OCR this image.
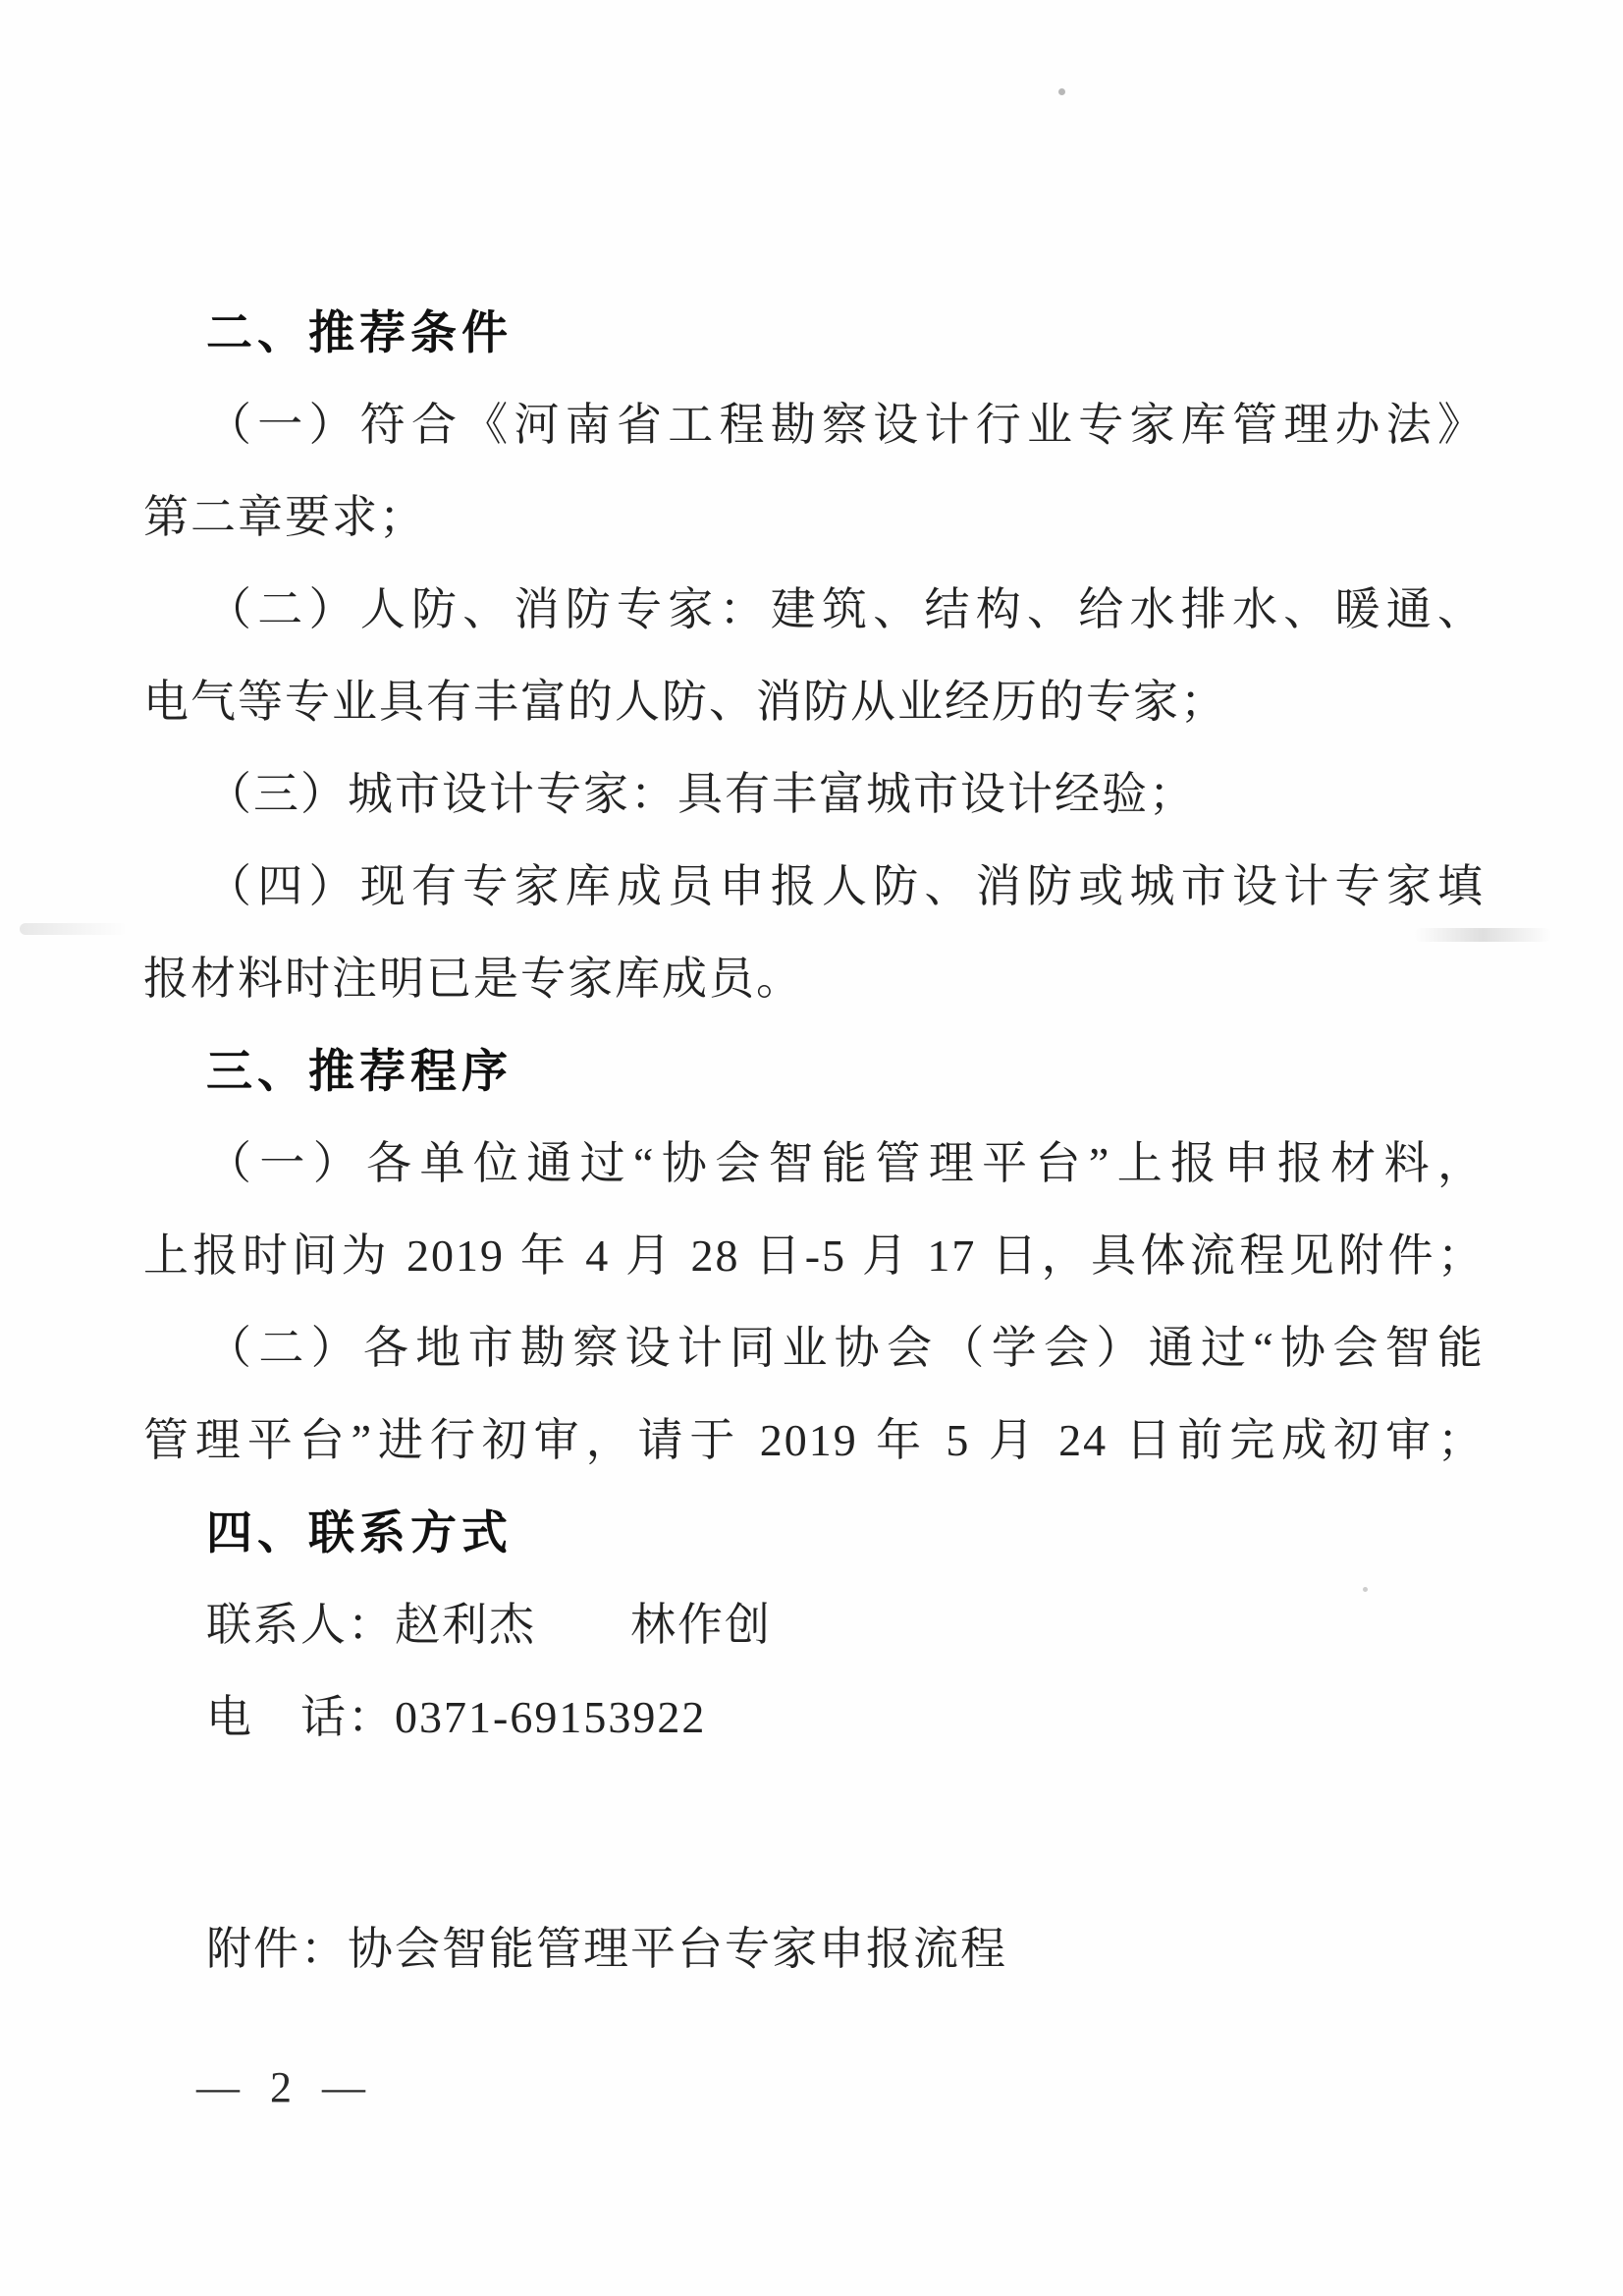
二、推荐条件
（一）符合《河南省工程勘察设计行业专家库管理办法》
第二章要求；
（二）人防、消防专家：建筑、结构、给水排水、暖通、
电气等专业具有丰富的人防、消防从业经历的专家；
（三）城市设计专家：具有丰富城市设计经验；
（四）现有专家库成员申报人防、消防或城市设计专家填
报材料时注明已是专家库成员。
三、推荐程序
（一）各单位通过“协会智能管理平台”上报申报材料，
上报时间为 2019 年 4 月 28 日-5 月 17 日，具体流程见附件；
（二）各地市勘察设计同业协会（学会）通过“协会智能
管理平台”进行初审，请于 2019 年 5 月 24 日前完成初审；
四、联系方式
联系人：赵利杰　　林作创
电　话：0371-69153922
附件：协会智能管理平台专家申报流程
— 2 —
